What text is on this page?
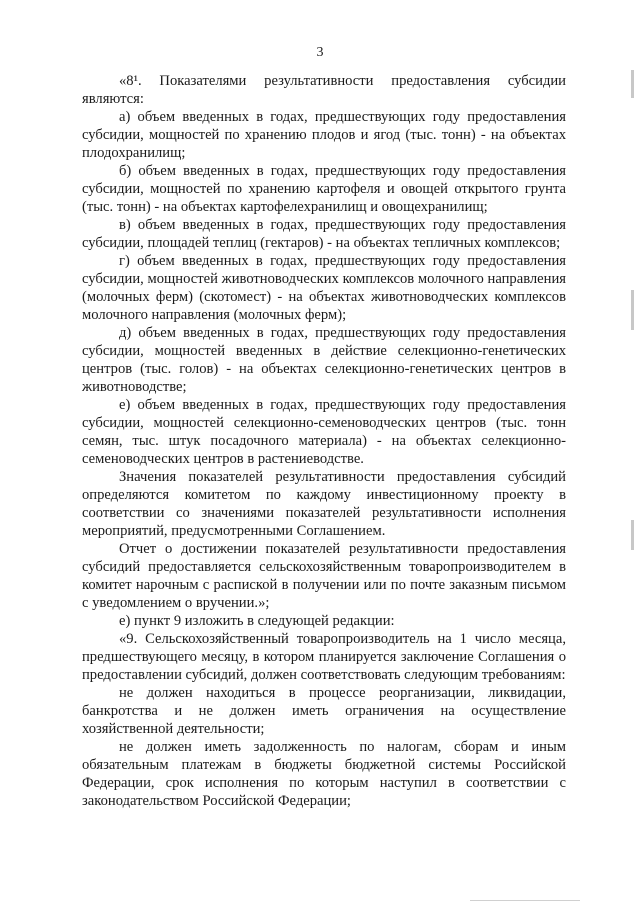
3

«8¹. Показателями результативности предоставления субсидии являются:

а) объем введенных в годах, предшествующих году предоставления субсидии, мощностей по хранению плодов и ягод (тыс. тонн) - на объектах плодохранилищ;

б) объем введенных в годах, предшествующих году предоставления субсидии, мощностей по хранению картофеля и овощей открытого грунта (тыс. тонн) - на объектах картофелехранилищ и овощехранилищ;

в) объем введенных в годах, предшествующих году предоставления субсидии, площадей теплиц (гектаров) - на объектах тепличных комплексов;

г) объем введенных в годах, предшествующих году предоставления субсидии, мощностей животноводческих комплексов молочного направления (молочных ферм) (скотомест) - на объектах животноводческих комплексов молочного направления (молочных ферм);

д) объем введенных в годах, предшествующих году предоставления субсидии, мощностей введенных в действие селекционно-генетических центров (тыс. голов) - на объектах селекционно-генетических центров в животноводстве;

е) объем введенных в годах, предшествующих году предоставления субсидии, мощностей селекционно-семеноводческих центров (тыс. тонн семян, тыс. штук посадочного материала) - на объектах селекционно-семеноводческих центров в растениеводстве.

Значения показателей результативности предоставления субсидий определяются комитетом по каждому инвестиционному проекту в соответствии со значениями показателей результативности исполнения мероприятий, предусмотренными Соглашением.

Отчет о достижении показателей результативности предоставления субсидий предоставляется сельскохозяйственным товаропроизводителем в комитет нарочным с распиской в получении или по почте заказным письмом с уведомлением о вручении.»;

е) пункт 9 изложить в следующей редакции:

«9. Сельскохозяйственный товаропроизводитель на 1 число месяца, предшествующего месяцу, в котором планируется заключение Соглашения о предоставлении субсидий, должен соответствовать следующим требованиям:

не должен находиться в процессе реорганизации, ликвидации, банкротства и не должен иметь ограничения на осуществление хозяйственной деятельности;

не должен иметь задолженность по налогам, сборам и иным обязательным платежам в бюджеты бюджетной системы Российской Федерации, срок исполнения по которым наступил в соответствии с законодательством Российской Федерации;
